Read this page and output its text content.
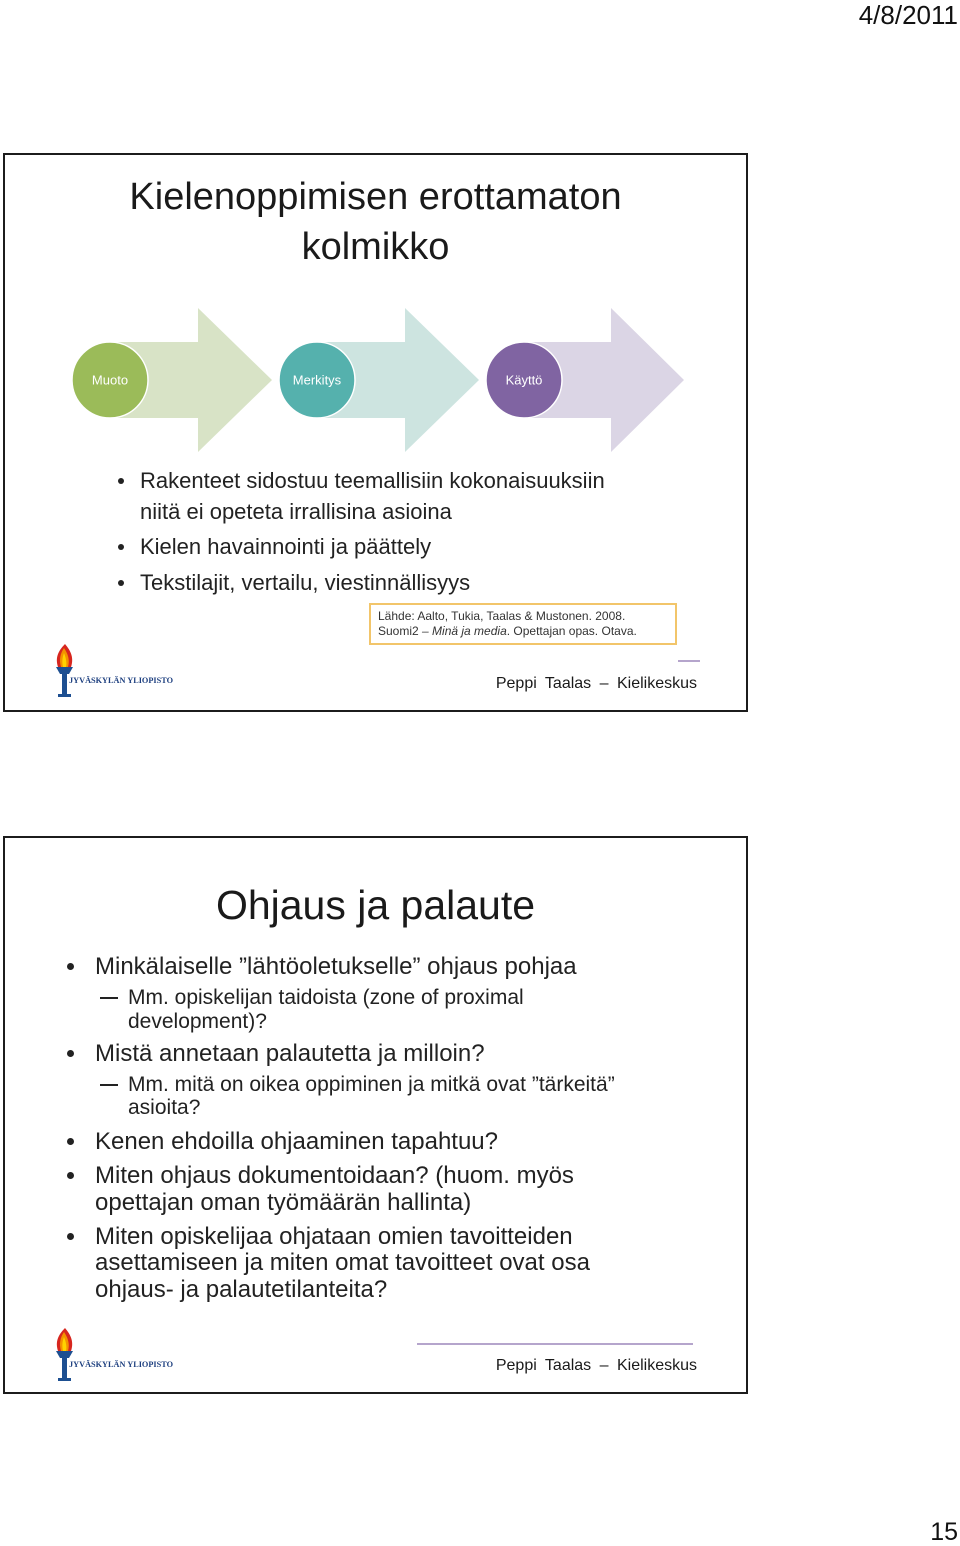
4/8/2011
Kielenoppimisen erottamaton
kolmikko
Muoto	Merkitys	Käyttö
Rakenteet sidostuu teemallisiin kokonaisuuksiin
niitä ei opeteta irrallisina asioina
Kielen havainnointi ja päättely
Tekstilajit, vertailu, viestinnällisyys
Lähde: Aalto, Tukia, Taalas & Mustonen. 2008.
Suomi2 – Minä ja media. Opettajan opas. Otava.
JYVÄSKYLÄN YLIOPISTO	Peppi Taalas – Kielikeskus
Ohjaus ja palaute
Minkälaiselle ”lähtöoletukselle” ohjaus pohjaa
Mm. opiskelijan taidoista (zone of proximal
development)?
Mistä annetaan palautetta ja milloin?
Mm. mitä on oikea oppiminen ja mitkä ovat ”tärkeitä”
asioita?
Kenen ehdoilla ohjaaminen tapahtuu?
Miten ohjaus dokumentoidaan? (huom. myös
opettajan oman työmäärän hallinta)
Miten opiskelijaa ohjataan omien tavoitteiden
asettamiseen ja miten omat tavoitteet ovat osa
ohjaus- ja palautetilanteita?
JYVÄSKYLÄN YLIOPISTO	Peppi Taalas – Kielikeskus
15
